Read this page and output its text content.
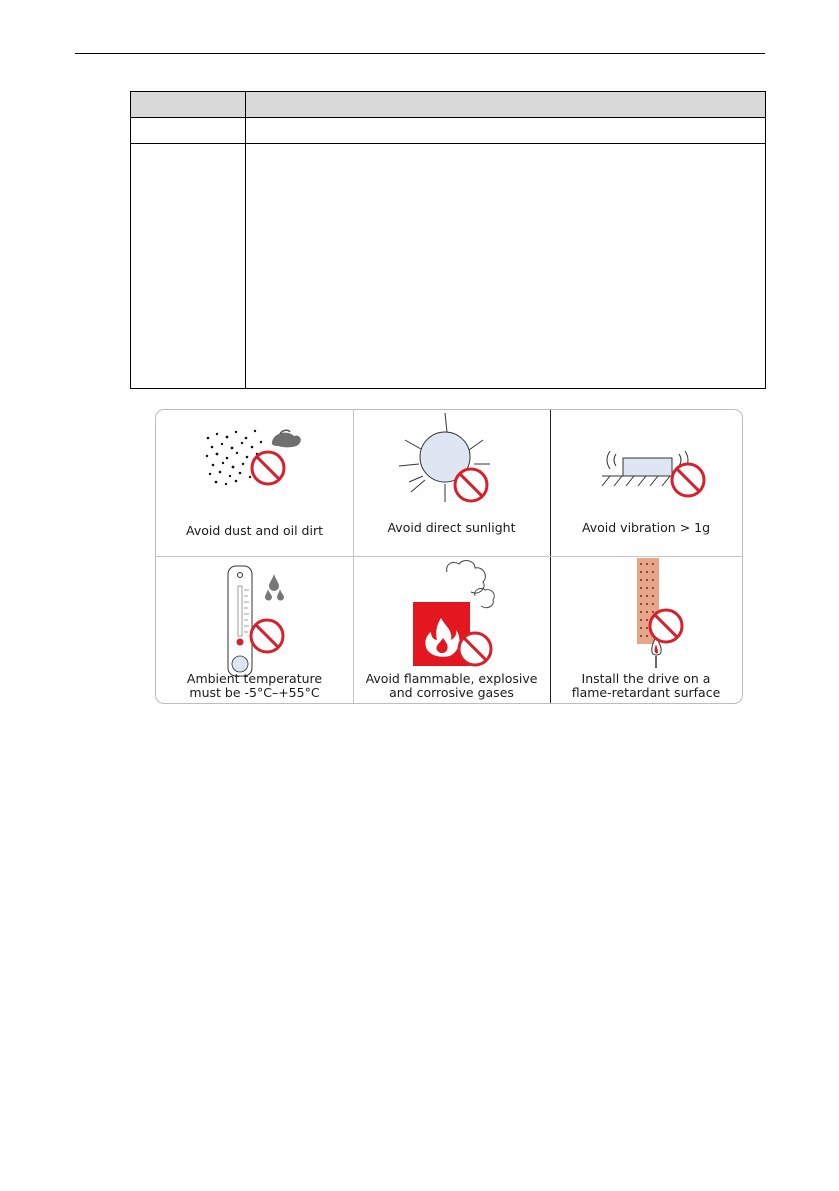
Avoid dust and oil dirt	Avoid direct sunlight	Avoid vibration > 1g
Ambient temperature
must be -5°C–+55°C
Avoid flammable, explosive
and corrosive gases
Install the drive on a
flame-retardant surface
